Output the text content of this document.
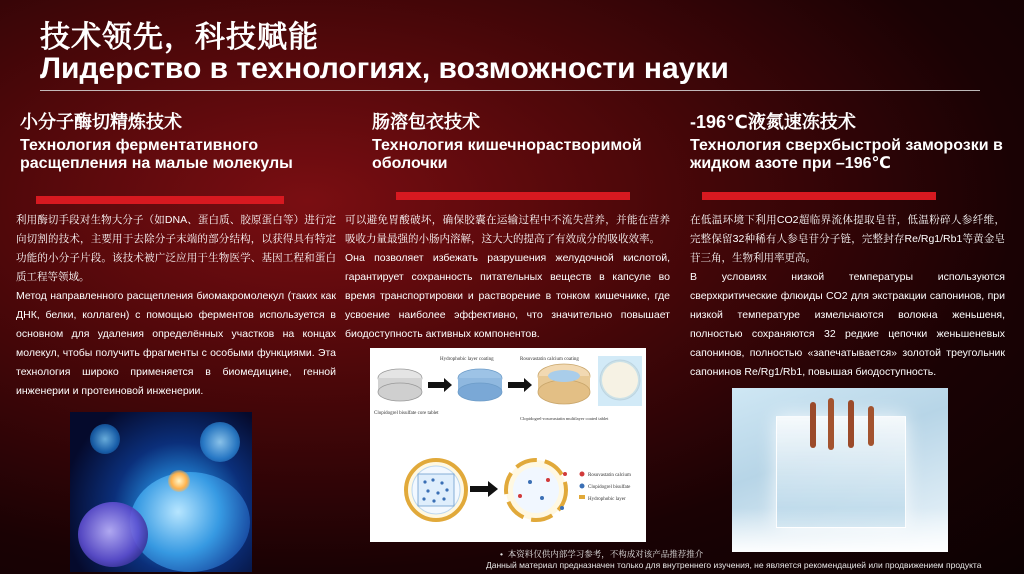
技术领先，科技赋能
Лидерство в технологиях, возможности науки
小分子酶切精炼技术
Технология ферментативного расщепления на малые молекулы

利用酶切手段对生物大分子（如DNA、蛋白质、胶原蛋白等）进行定向切割的技术，主要用于去除分子末端的部分结构，以获得具有特定功能的小分子片段。该技术被广泛应用于生物医学、基因工程和蛋白质工程等领域。

Метод направленного расщепления биомакромолекул (таких как ДНК, белки, коллаген) с помощью ферментов используется в основном для удаления определённых участков на концах молекул, чтобы получить фрагменты с особыми функциями. Эта технология широко применяется в биомедицине, генной инженерии и протеиновой инженерии.

肠溶包衣技术
Технология кишечнорастворимой оболочки

可以避免胃酸破坏，确保胶囊在运输过程中不流失营养，并能在营养吸收力量最强的小肠内溶解，这大大的提高了有效成分的吸收效率。

Она позволяет избежать разрушения желудочной кислотой, гарантирует сохранность питательных веществ в капсуле во время транспортировки и растворение в тонком кишечнике, где усвоение наиболее эффективно, что значительно повышает биодоступность активных компонентов.

Hydrophobic layer coating	Rosuvastatin calcium coating
Clopidogrel bisulfate core tablet
Clopidogrel-rosuvastatin multilayer coated tablet
Rosuvastatin calcium
Clopidogrel bisulfate
Hydrophobic layer
-196℃液氮速冻技术
Технология сверхбыстрой заморозки в жидком азоте при –196℃

在低温环境下利用CO2超临界流体提取皂苷，低温粉碎人参纤维，完整保留32种稀有人参皂苷分子链，完整封存Re/Rg1/Rb1等黄金皂苷三角，生物利用率更高。

В условиях низкой температуры используются сверхкритические флюиды CO2 для экстракции сапонинов, при низкой температуре измельчаются волокна женьшеня, полностью сохраняются 32 редкие цепочки женьшеневых сапонинов, полностью «запечатывается» золотой треугольник сапонинов Re/Rg1/Rb1, повышая биодоступность.

•  本资料仅供内部学习参考，不构成对该产品推荐推介
Данный материал предназначен только для внутреннего изучения, не является рекомендацией или продвижением продукта
